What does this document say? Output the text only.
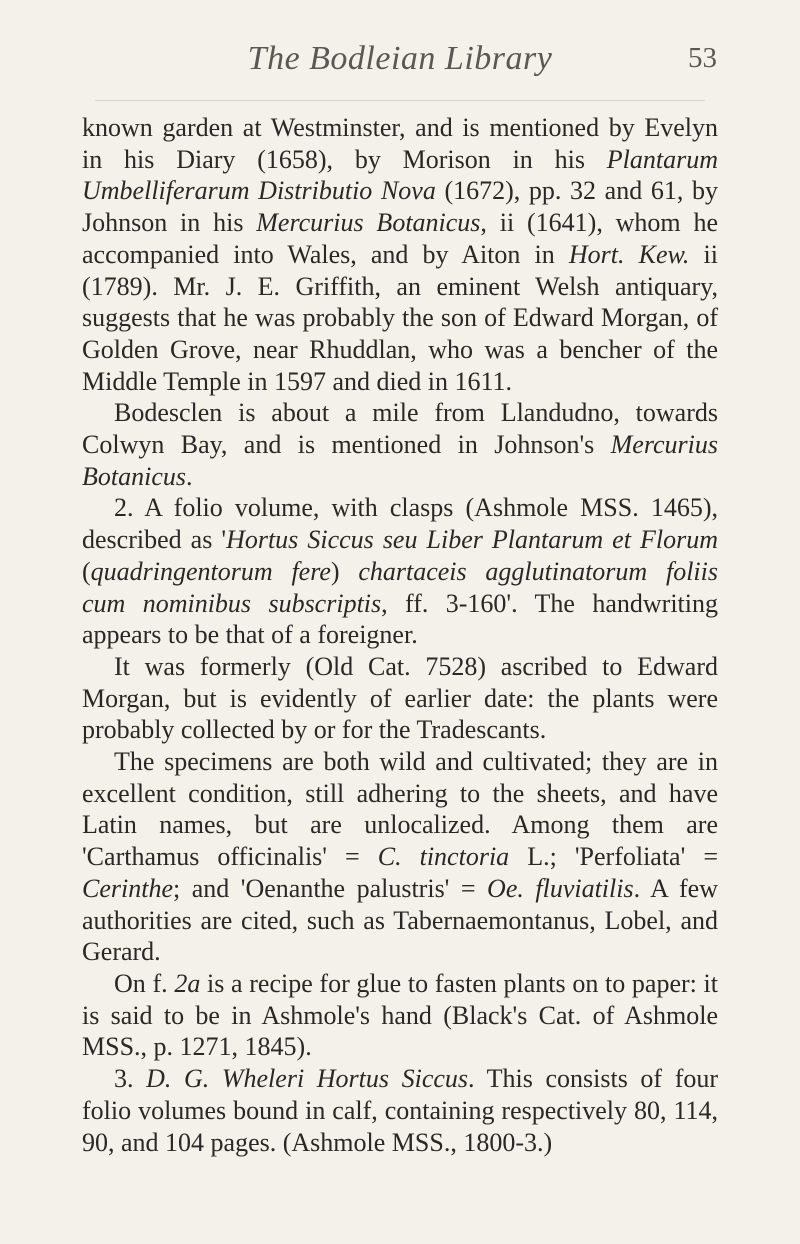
The Bodleian Library	53

known garden at Westminster, and is mentioned by Evelyn in his Diary (1658), by Morison in his Plantarum Umbelliferarum Distributio Nova (1672), pp. 32 and 61, by Johnson in his Mercurius Botanicus, ii (1641), whom he accompanied into Wales, and by Aiton in Hort. Kew. ii (1789). Mr. J. E. Griffith, an eminent Welsh antiquary, suggests that he was probably the son of Edward Morgan, of Golden Grove, near Rhuddlan, who was a bencher of the Middle Temple in 1597 and died in 1611.

Bodesclen is about a mile from Llandudno, towards Colwyn Bay, and is mentioned in Johnson's Mercurius Botanicus.

2. A folio volume, with clasps (Ashmole MSS. 1465), described as 'Hortus Siccus seu Liber Plantarum et Florum (quadringentorum fere) chartaceis agglutinatorum foliis cum nominibus subscriptis, ff. 3-160'. The handwriting appears to be that of a foreigner.

It was formerly (Old Cat. 7528) ascribed to Edward Morgan, but is evidently of earlier date: the plants were probably collected by or for the Tradescants.

The specimens are both wild and cultivated; they are in excellent condition, still adhering to the sheets, and have Latin names, but are unlocalized. Among them are 'Carthamus officinalis' = C. tinctoria L.; 'Perfoliata' = Cerinthe; and 'Oenanthe palustris' = Oe. fluviatilis. A few authorities are cited, such as Tabernaemontanus, Lobel, and Gerard.

On f. 2a is a recipe for glue to fasten plants on to paper: it is said to be in Ashmole's hand (Black's Cat. of Ashmole MSS., p. 1271, 1845).

3. D. G. Wheleri Hortus Siccus. This consists of four folio volumes bound in calf, containing respectively 80, 114, 90, and 104 pages. (Ashmole MSS., 1800-3.)
